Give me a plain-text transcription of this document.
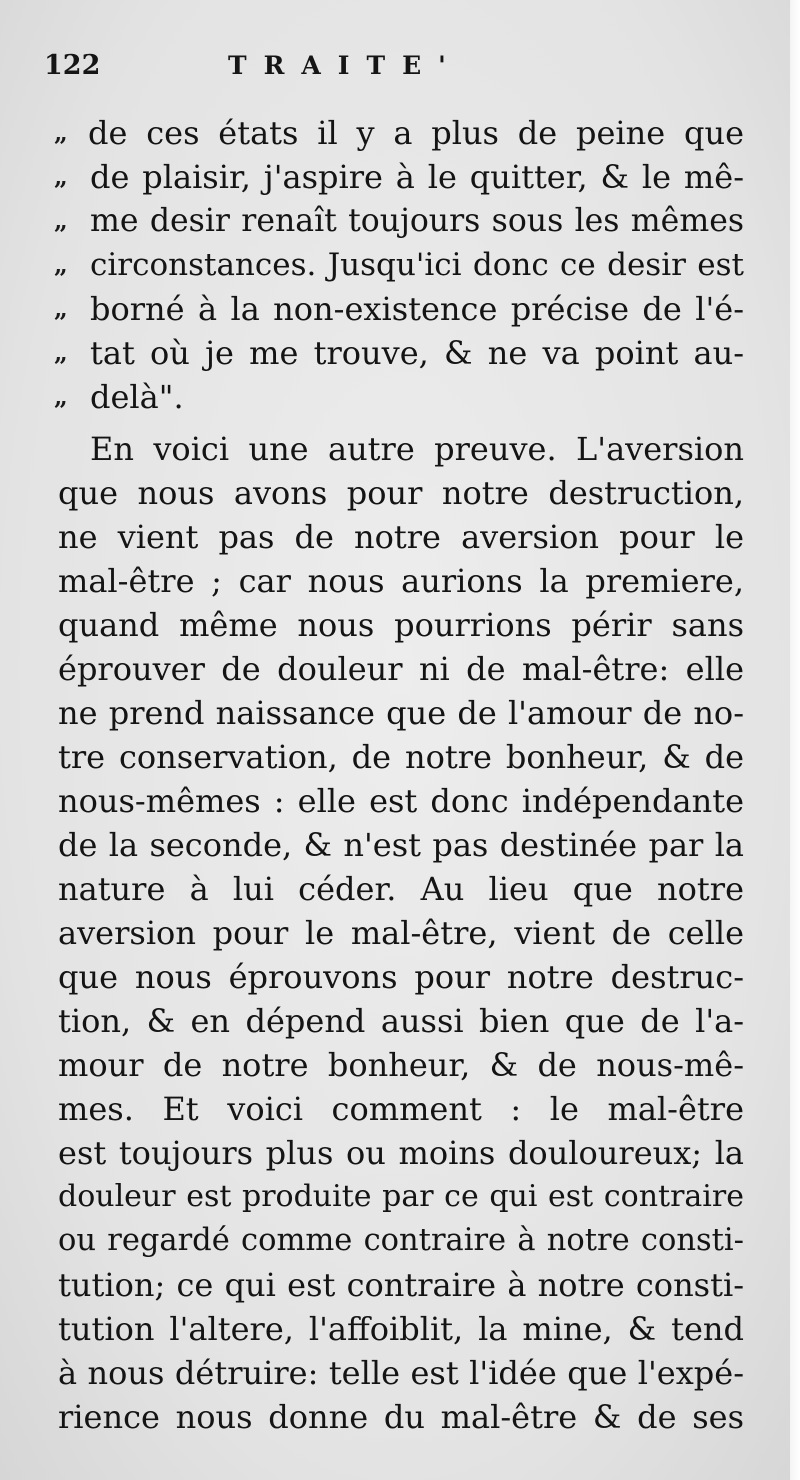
122	TRAITE'
„ de ces états il y a plus de peine que
„ de plaisir, j'aspire à le quitter, & le mê-
„ me desir renaît toujours sous les mêmes
„ circonstances. Jusqu'ici donc ce desir est
„ borné à la non-existence précise de l'é-
„ tat où je me trouve, & ne va point au-
„ delà".
En voici une autre preuve. L'aversion
que nous avons pour notre destruction,
ne vient pas de notre aversion pour le
mal-être ; car nous aurions la premiere,
quand même nous pourrions périr sans
éprouver de douleur ni de mal-être: elle
ne prend naissance que de l'amour de no-
tre conservation, de notre bonheur, & de
nous-mêmes : elle est donc indépendante
de la seconde, & n'est pas destinée par la
nature à lui céder. Au lieu que notre
aversion pour le mal-être, vient de celle
que nous éprouvons pour notre destruc-
tion, & en dépend aussi bien que de l'a-
mour de notre bonheur, & de nous-mê-
mes. Et voici comment : le mal-être
est toujours plus ou moins douloureux; la
douleur est produite par ce qui est contraire
ou regardé comme contraire à notre consti-
tution; ce qui est contraire à notre consti-
tution l'altere, l'affoiblit, la mine, & tend
à nous détruire: telle est l'idée que l'expé-
rience nous donne du mal-être & de ses
